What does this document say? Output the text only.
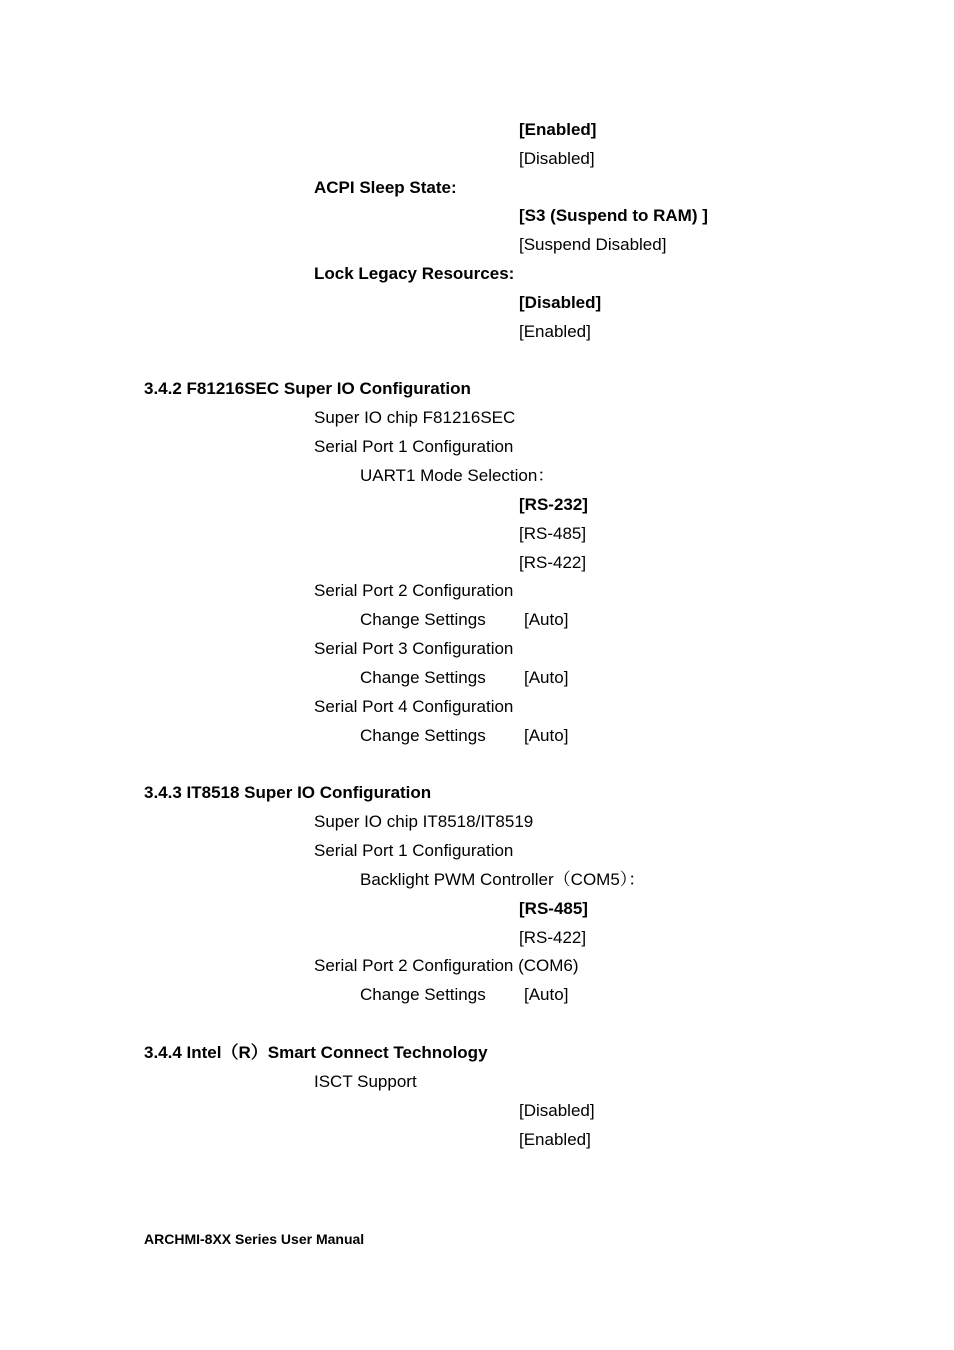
[Enabled]
[Disabled]
ACPI Sleep State:
[S3 (Suspend to RAM) ]
[Suspend Disabled]
Lock Legacy Resources:
[Disabled]
[Enabled]
3.4.2 F81216SEC Super IO Configuration
Super IO chip F81216SEC
Serial Port 1 Configuration
UART1 Mode Selection：
[RS-232]
[RS-485]
[RS-422]
Serial Port 2 Configuration
Change Settings [Auto]
Serial Port 3 Configuration
Change Settings [Auto]
Serial Port 4 Configuration
Change Settings [Auto]
3.4.3 IT8518 Super IO Configuration
Super IO chip IT8518/IT8519
Serial Port 1 Configuration
Backlight PWM Controller（COM5）：
[RS-485]
[RS-422]
Serial Port 2 Configuration (COM6)
Change Settings [Auto]
3.4.4 Intel（R）Smart Connect Technology
ISCT Support
[Disabled]
[Enabled]
ARCHMI-8XX Series User Manual
